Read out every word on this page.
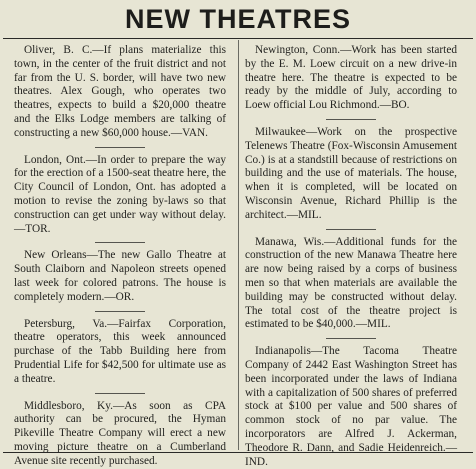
NEW THEATRES

Oliver, B. C.—If plans materialize this town, in the center of the fruit district and not far from the U. S. border, will have two new theatres. Alex Gough, who operates two theatres, expects to build a $20,000 theatre and the Elks Lodge members are talking of constructing a new $60,000 house.—VAN.

London, Ont.—In order to prepare the way for the erection of a 1500-seat theatre here, the City Council of London, Ont. has adopted a motion to revise the zoning by-laws so that construction can get under way without delay.—TOR.

New Orleans—The new Gallo Theatre at South Claiborn and Napoleon streets opened last week for colored patrons. The house is completely modern.—OR.

Petersburg, Va.—Fairfax Corporation, theatre operators, this week announced purchase of the Tabb Building here from Prudential Life for $42,500 for ultimate use as a theatre.

Middlesboro, Ky.—As soon as CPA authority can be procured, the Hyman Pikeville Theatre Company will erect a new moving picture theatre on a Cumberland Avenue site recently purchased.

Newington, Conn.—Work has been started by the E. M. Loew circuit on a new drive-in theatre here. The theatre is expected to be ready by the middle of July, according to Loew official Lou Richmond.—BO.

Milwaukee—Work on the prospective Telenews Theatre (Fox-Wisconsin Amusement Co.) is at a standstill because of restrictions on building and the use of materials. The house, when it is completed, will be located on Wisconsin Avenue, Richard Phillip is the architect.—MIL.

Manawa, Wis.—Additional funds for the construction of the new Manawa Theatre here are now being raised by a corps of business men so that when materials are available the building may be constructed without delay. The total cost of the theatre project is estimated to be $40,000.—MIL.

Indianapolis—The Tacoma Theatre Company of 2442 East Washington Street has been incorporated under the laws of Indiana with a capitalization of 500 shares of preferred stock at $100 per value and 500 shares of common stock of no par value. The incorporators are Alfred J. Ackerman, Theodore R. Dann, and Sadie Heidenreich.—IND.
